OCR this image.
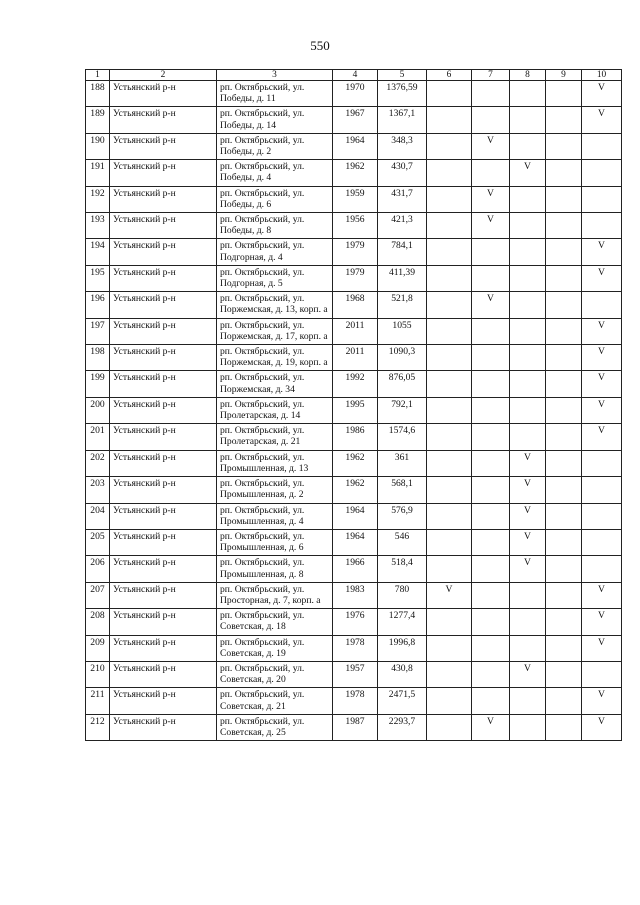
550
1	2	3	4	5	6	7	8	9	10
188	Устьянский р-н	рп. Октябрьский, ул. Победы, д. 11	1970	1376,59					V
189	Устьянский р-н	рп. Октябрьский, ул. Победы, д. 14	1967	1367,1					V
190	Устьянский р-н	рп. Октябрьский, ул. Победы, д. 2	1964	348,3		V			
191	Устьянский р-н	рп. Октябрьский, ул. Победы, д. 4	1962	430,7			V		
192	Устьянский р-н	рп. Октябрьский, ул. Победы, д. 6	1959	431,7		V			
193	Устьянский р-н	рп. Октябрьский, ул. Победы, д. 8	1956	421,3		V			
194	Устьянский р-н	рп. Октябрьский, ул. Подгорная, д. 4	1979	784,1					V
195	Устьянский р-н	рп. Октябрьский, ул. Подгорная, д. 5	1979	411,39					V
196	Устьянский р-н	рп. Октябрьский, ул. Поржемская, д. 13, корп. а	1968	521,8		V			
197	Устьянский р-н	рп. Октябрьский, ул. Поржемская, д. 17, корп. а	2011	1055					V
198	Устьянский р-н	рп. Октябрьский, ул. Поржемская, д. 19, корп. а	2011	1090,3					V
199	Устьянский р-н	рп. Октябрьский, ул. Поржемская, д. 34	1992	876,05					V
200	Устьянский р-н	рп. Октябрьский, ул. Пролетарская, д. 14	1995	792,1					V
201	Устьянский р-н	рп. Октябрьский, ул. Пролетарская, д. 21	1986	1574,6					V
202	Устьянский р-н	рп. Октябрьский, ул. Промышленная, д. 13	1962	361			V		
203	Устьянский р-н	рп. Октябрьский, ул. Промышленная, д. 2	1962	568,1			V		
204	Устьянский р-н	рп. Октябрьский, ул. Промышленная, д. 4	1964	576,9			V		
205	Устьянский р-н	рп. Октябрьский, ул. Промышленная, д. 6	1964	546			V		
206	Устьянский р-н	рп. Октябрьский, ул. Промышленная, д. 8	1966	518,4			V		
207	Устьянский р-н	рп. Октябрьский, ул. Просторная, д. 7, корп. а	1983	780	V				V
208	Устьянский р-н	рп. Октябрьский, ул. Советская, д. 18	1976	1277,4					V
209	Устьянский р-н	рп. Октябрьский, ул. Советская, д. 19	1978	1996,8					V
210	Устьянский р-н	рп. Октябрьский, ул. Советская, д. 20	1957	430,8			V		
211	Устьянский р-н	рп. Октябрьский, ул. Советская, д. 21	1978	2471,5					V
212	Устьянский р-н	рп. Октябрьский, ул. Советская, д. 25	1987	2293,7		V			V
